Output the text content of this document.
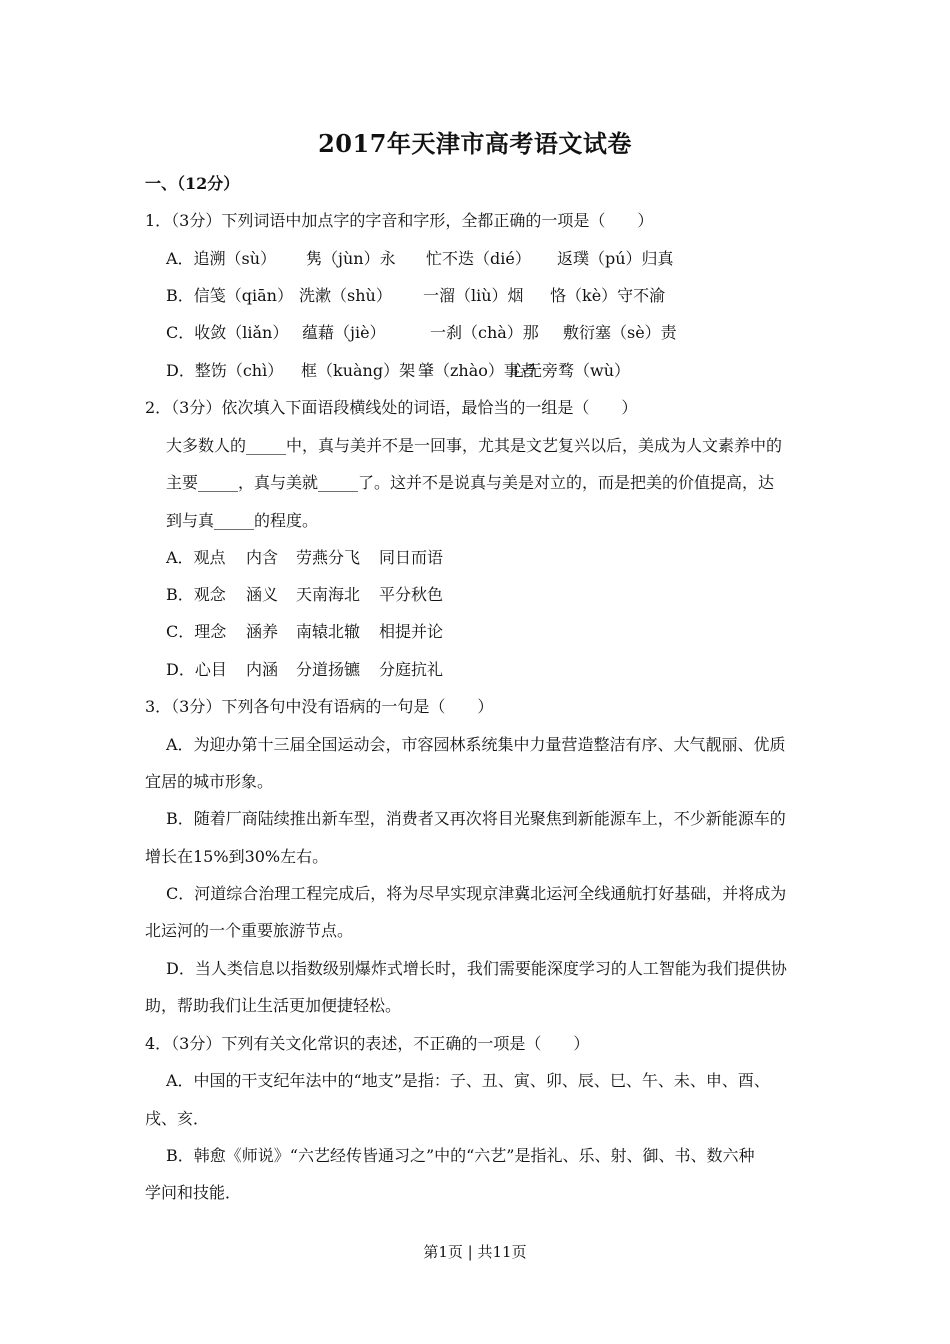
2017年天津市高考语文试卷
一、（12分）
1．（3分）下列词语中加点字的字音和字形，全都正确的一项是（　　）
A．追溯（sù） 隽（jùn）永 忙不迭（dié） 返璞（pú）归真
B．信笺（qiān） 洗漱（shù） 一溜（liù）烟 恪（kè）守不渝
C．收敛（liǎn） 蕴藉（jiè）	一刹（chà）那 敷衍塞（sè）责
D．整饬（chì） 框（kuàng）架 肇（zhào）事者心无旁骛（wù）
2．（3分）依次填入下面语段横线处的词语，最恰当的一组是（　　）
大多数人的_____中，真与美并不是一回事，尤其是文艺复兴以后，美成为人文素养中的
主要_____，真与美就_____了。这并不是说真与美是对立的，而是把美的价值提高，达
到与真_____的程度。
A．观点 内含 劳燕分飞 同日而语
B．观念 涵义 天南海北 平分秋色
C．理念 涵养 南辕北辙 相提并论
D．心目 内涵 分道扬镳 分庭抗礼
3．（3分）下列各句中没有语病的一句是（　　）
A．为迎办第十三届全国运动会，市容园林系统集中力量营造整洁有序、大气靓丽、优质
宜居的城市形象。
B．随着厂商陆续推出新车型，消费者又再次将目光聚焦到新能源车上，不少新能源车的
增长在15%到30%左右。
C．河道综合治理工程完成后，将为尽早实现京津冀北运河全线通航打好基础，并将成为
北运河的一个重要旅游节点。
D．当人类信息以指数级别爆炸式增长时，我们需要能深度学习的人工智能为我们提供协
助，帮助我们让生活更加便捷轻松。
4．（3分）下列有关文化常识的表述，不正确的一项是（　　）
A．中国的干支纪年法中的“地支”是指：子、丑、寅、卯、辰、巳、午、未、申、酉、
戌、亥．
B．韩愈《师说》“六艺经传皆通习之”中的“六艺”是指礼、乐、射、御、书、数六种
学问和技能．
第1页 | 共11页
